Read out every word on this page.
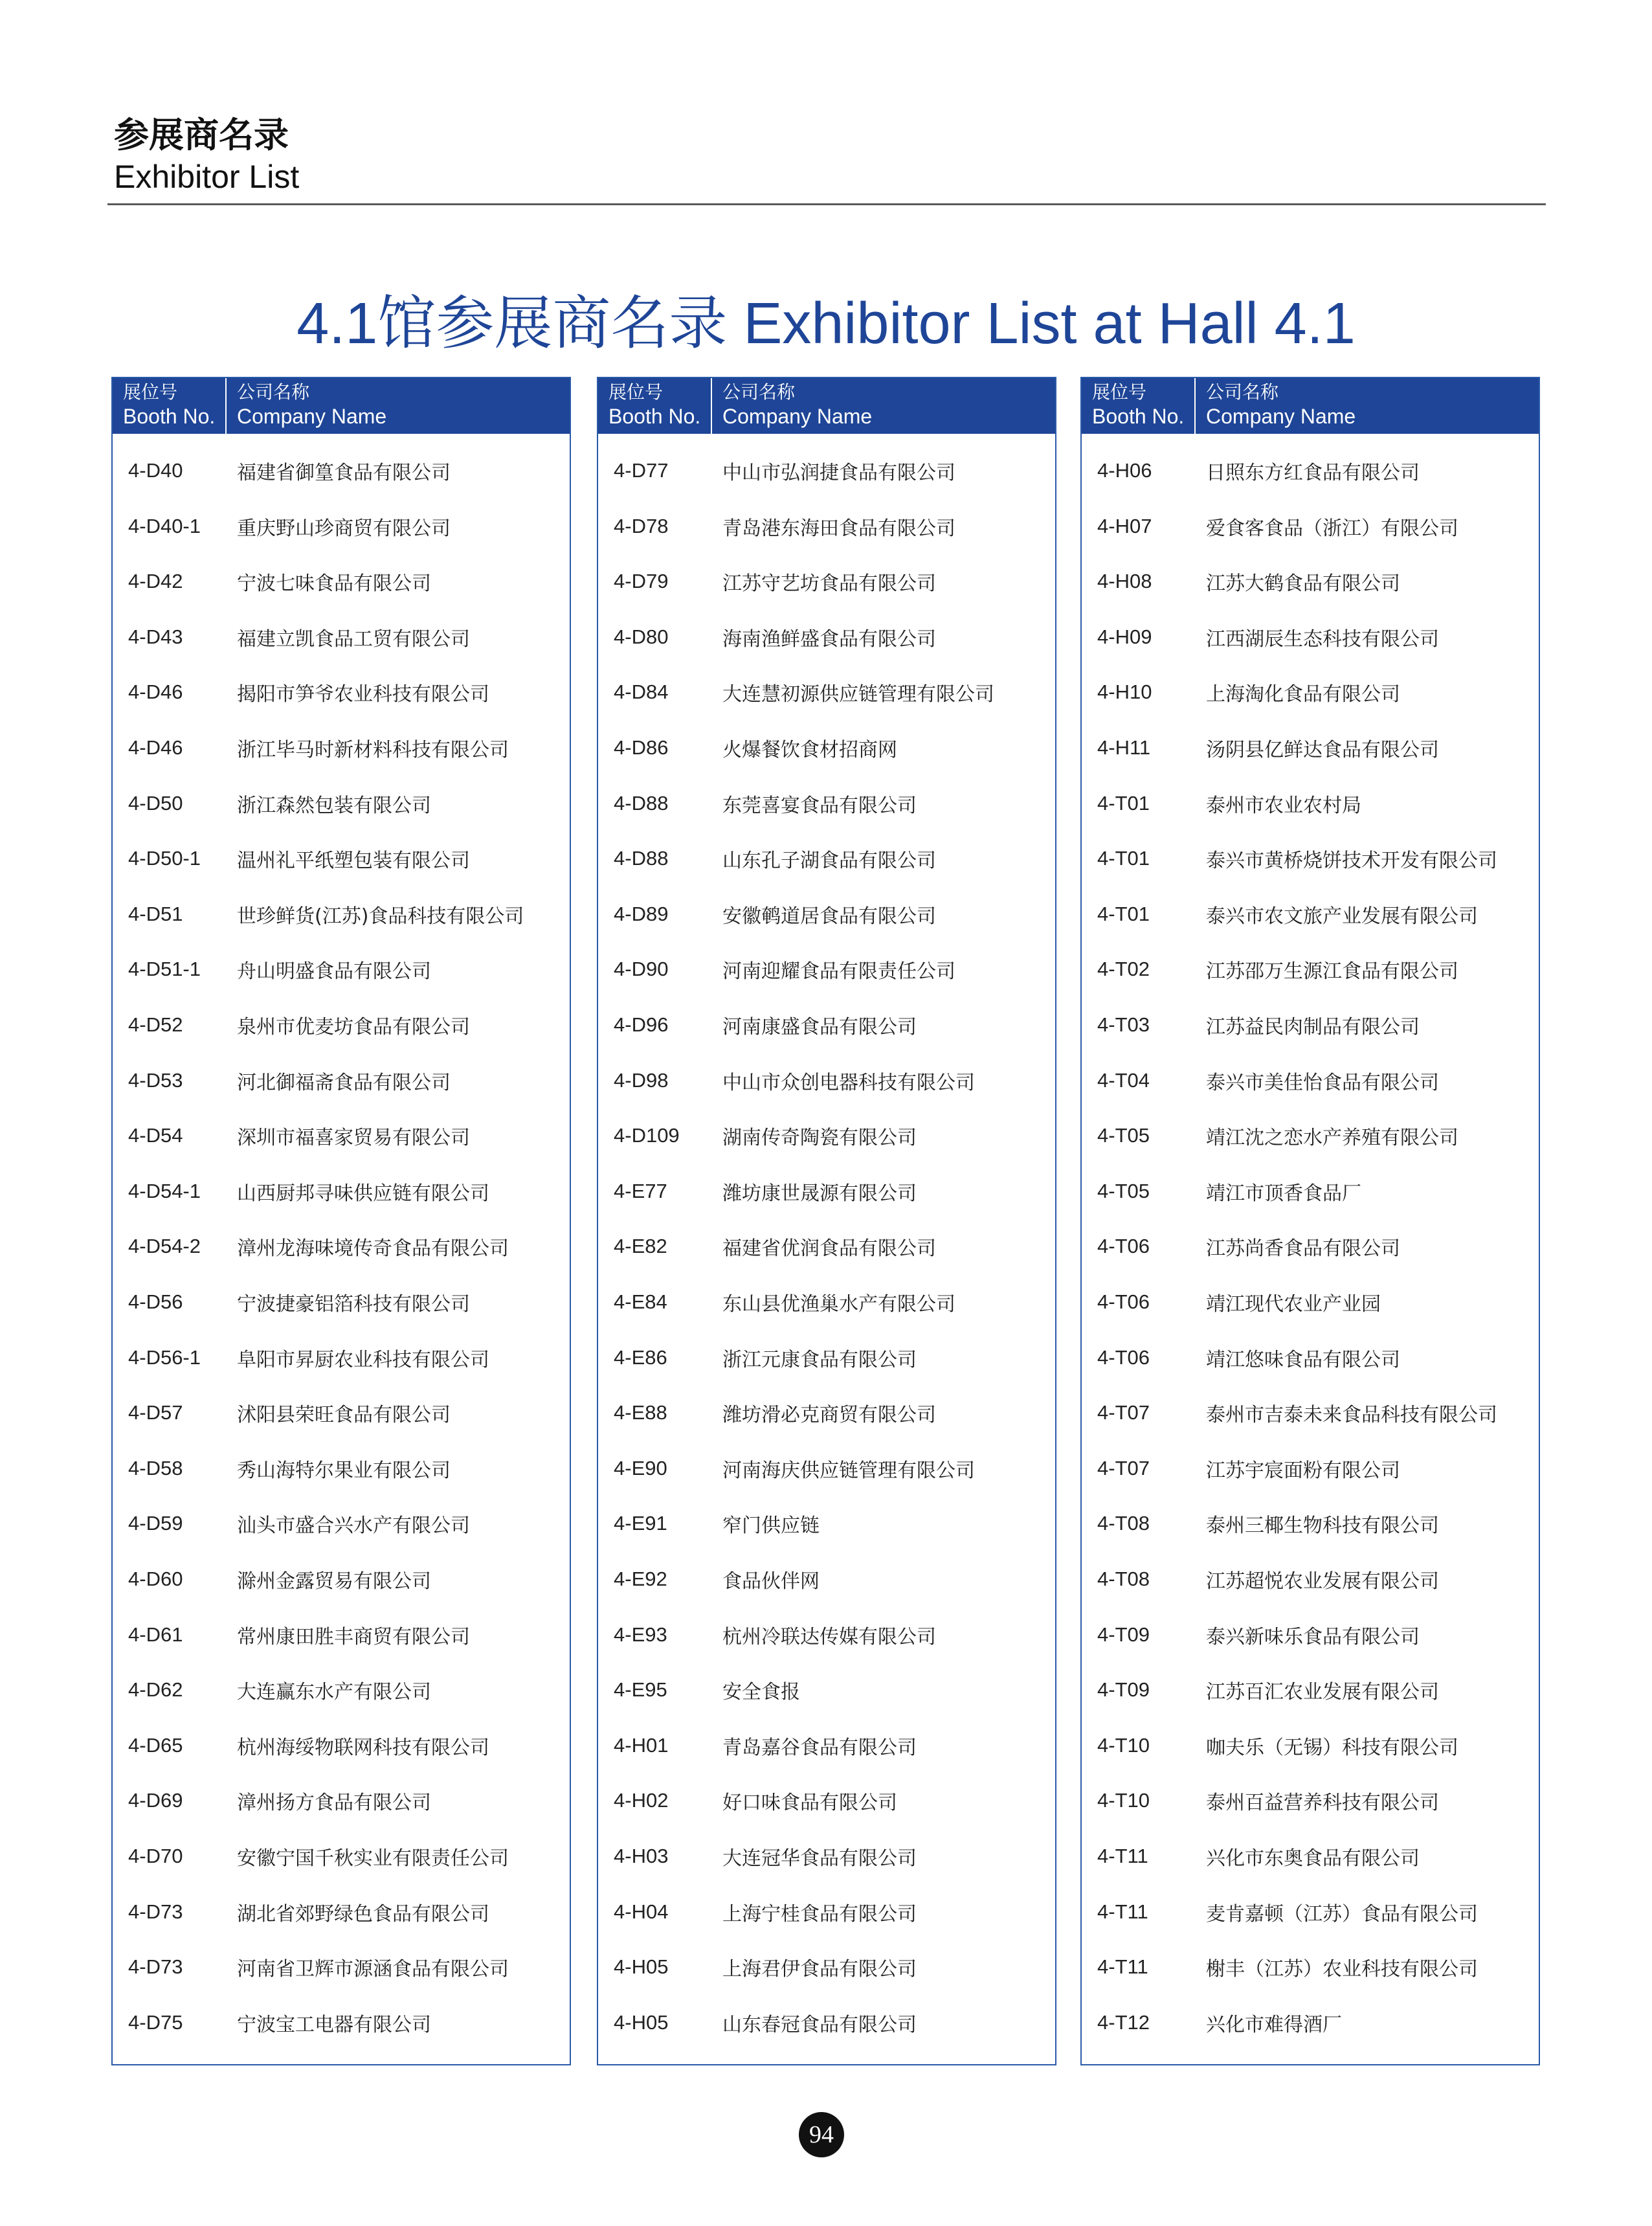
参展商名录
Exhibitor List
4.1馆参展商名录 Exhibitor List at Hall 4.1
展位号
Booth No.
公司名称
Company Name
4-D40	福建省御篁食品有限公司
4-D40-1	重庆野山珍商贸有限公司
4-D42	宁波七味食品有限公司
4-D43	福建立凯食品工贸有限公司
4-D46	揭阳市笋爷农业科技有限公司
4-D46	浙江毕马时新材料科技有限公司
4-D50	浙江森然包装有限公司
4-D50-1	温州礼平纸塑包装有限公司
4-D51	世珍鲜货(江苏)食品科技有限公司
4-D51-1	舟山明盛食品有限公司
4-D52	泉州市优麦坊食品有限公司
4-D53	河北御福斋食品有限公司
4-D54	深圳市福喜家贸易有限公司
4-D54-1	山西厨邦寻味供应链有限公司
4-D54-2	漳州龙海味境传奇食品有限公司
4-D56	宁波捷豪铝箔科技有限公司
4-D56-1	阜阳市昇厨农业科技有限公司
4-D57	沭阳县荣旺食品有限公司
4-D58	秀山海特尔果业有限公司
4-D59	汕头市盛合兴水产有限公司
4-D60	滁州金露贸易有限公司
4-D61	常州康田胜丰商贸有限公司
4-D62	大连赢东水产有限公司
4-D65	杭州海绥物联网科技有限公司
4-D69	漳州扬方食品有限公司
4-D70	安徽宁国千秋实业有限责任公司
4-D73	湖北省郊野绿色食品有限公司
4-D73	河南省卫辉市源涵食品有限公司
4-D75	宁波宝工电器有限公司
展位号
Booth No.
公司名称
Company Name
4-D77	中山市弘润捷食品有限公司
4-D78	青岛港东海田食品有限公司
4-D79	江苏守艺坊食品有限公司
4-D80	海南渔鲜盛食品有限公司
4-D84	大连慧初源供应链管理有限公司
4-D86	火爆餐饮食材招商网
4-D88	东莞喜宴食品有限公司
4-D88	山东孔子湖食品有限公司
4-D89	安徽鹌道居食品有限公司
4-D90	河南迎耀食品有限责任公司
4-D96	河南康盛食品有限公司
4-D98	中山市众创电器科技有限公司
4-D109	湖南传奇陶瓷有限公司
4-E77	潍坊康世晟源有限公司
4-E82	福建省优润食品有限公司
4-E84	东山县优渔巢水产有限公司
4-E86	浙江元康食品有限公司
4-E88	潍坊滑必克商贸有限公司
4-E90	河南海庆供应链管理有限公司
4-E91	窄门供应链
4-E92	食品伙伴网
4-E93	杭州冷联达传媒有限公司
4-E95	安全食报
4-H01	青岛嘉谷食品有限公司
4-H02	好口味食品有限公司
4-H03	大连冠华食品有限公司
4-H04	上海宁桂食品有限公司
4-H05	上海君伊食品有限公司
4-H05	山东春冠食品有限公司
展位号
Booth No.
公司名称
Company Name
4-H06	日照东方红食品有限公司
4-H07	爱食客食品（浙江）有限公司
4-H08	江苏大鹤食品有限公司
4-H09	江西湖辰生态科技有限公司
4-H10	上海淘化食品有限公司
4-H11	汤阴县亿鲜达食品有限公司
4-T01	泰州市农业农村局
4-T01	泰兴市黄桥烧饼技术开发有限公司
4-T01	泰兴市农文旅产业发展有限公司
4-T02	江苏邵万生源江食品有限公司
4-T03	江苏益民肉制品有限公司
4-T04	泰兴市美佳怡食品有限公司
4-T05	靖江沈之恋水产养殖有限公司
4-T05	靖江市顶香食品厂
4-T06	江苏尚香食品有限公司
4-T06	靖江现代农业产业园
4-T06	靖江悠味食品有限公司
4-T07	泰州市吉泰未来食品科技有限公司
4-T07	江苏宇宸面粉有限公司
4-T08	泰州三椰生物科技有限公司
4-T08	江苏超悦农业发展有限公司
4-T09	泰兴新味乐食品有限公司
4-T09	江苏百汇农业发展有限公司
4-T10	咖夫乐（无锡）科技有限公司
4-T10	泰州百益营养科技有限公司
4-T11	兴化市东奥食品有限公司
4-T11	麦肯嘉顿（江苏）食品有限公司
4-T11	榭丰（江苏）农业科技有限公司
4-T12	兴化市难得酒厂
94
